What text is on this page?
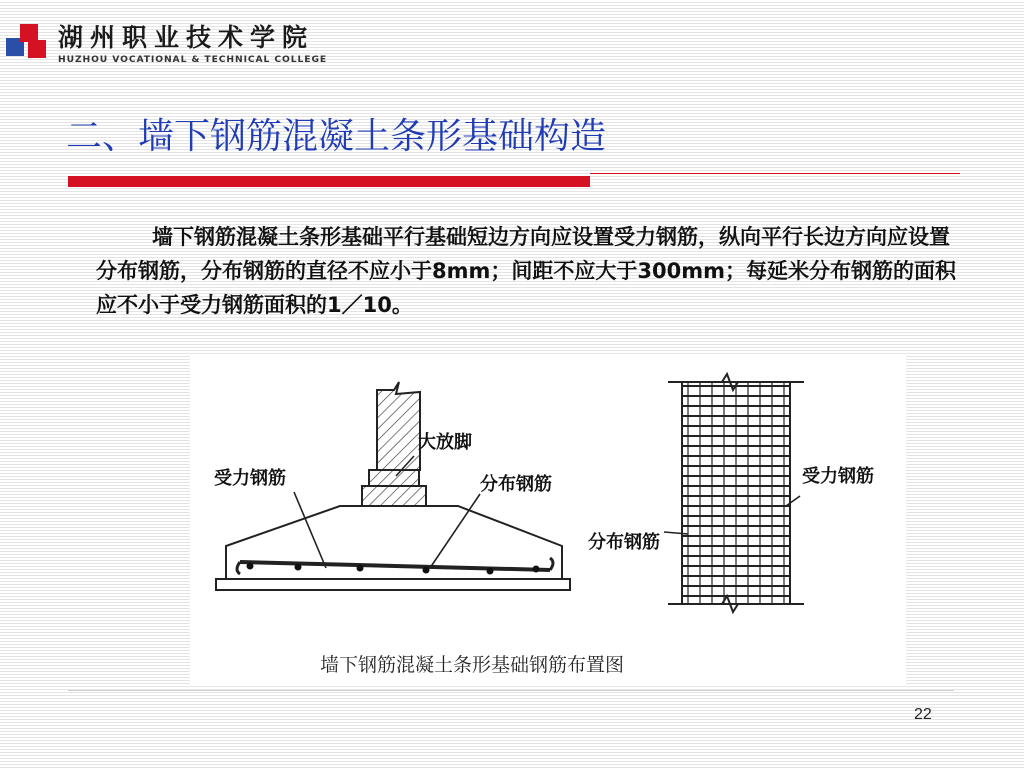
湖州职业技术学院
HUZHOU VOCATIONAL & TECHNICAL COLLEGE
二、墙下钢筋混凝土条形基础构造

墙下钢筋混凝土条形基础平行基础短边方向应设置受力钢筋，纵向平行长边方向应设置分布钢筋，分布钢筋的直径不应小于8mm；间距不应大于300mm；每延米分布钢筋的面积应不小于受力钢筋面积的1／10。

大放脚
受力钢筋	分布钢筋	受力钢筋
分布钢筋
墙下钢筋混凝土条形基础钢筋布置图
22
